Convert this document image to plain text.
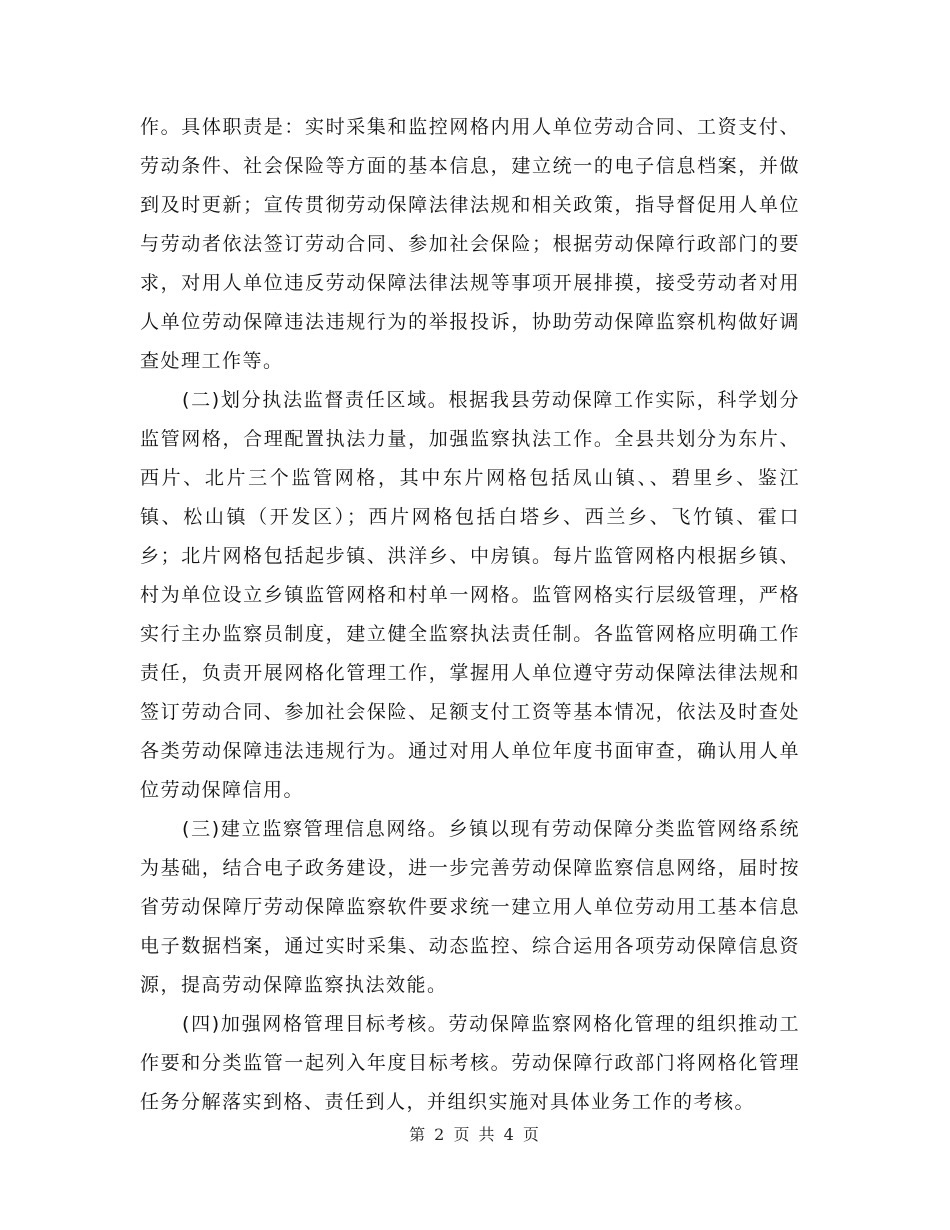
作。具体职责是：实时采集和监控网格内用人单位劳动合同、工资支付、劳动条件、社会保险等方面的基本信息，建立统一的电子信息档案，并做到及时更新；宣传贯彻劳动保障法律法规和相关政策，指导督促用人单位与劳动者依法签订劳动合同、参加社会保险；根据劳动保障行政部门的要求，对用人单位违反劳动保障法律法规等事项开展排摸，接受劳动者对用人单位劳动保障违法违规行为的举报投诉，协助劳动保障监察机构做好调查处理工作等。

(二)划分执法监督责任区域。根据我县劳动保障工作实际，科学划分监管网格，合理配置执法力量，加强监察执法工作。全县共划分为东片、西片、北片三个监管网格，其中东片网格包括凤山镇、、碧里乡、鉴江镇、松山镇（开发区）；西片网格包括白塔乡、西兰乡、飞竹镇、霍口乡；北片网格包括起步镇、洪洋乡、中房镇。每片监管网格内根据乡镇、村为单位设立乡镇监管网格和村单一网格。监管网格实行层级管理，严格实行主办监察员制度，建立健全监察执法责任制。各监管网格应明确工作责任，负责开展网格化管理工作，掌握用人单位遵守劳动保障法律法规和签订劳动合同、参加社会保险、足额支付工资等基本情况，依法及时查处各类劳动保障违法违规行为。通过对用人单位年度书面审查，确认用人单位劳动保障信用。

(三)建立监察管理信息网络。乡镇以现有劳动保障分类监管网络系统为基础，结合电子政务建设，进一步完善劳动保障监察信息网络，届时按省劳动保障厅劳动保障监察软件要求统一建立用人单位劳动用工基本信息电子数据档案，通过实时采集、动态监控、综合运用各项劳动保障信息资源，提高劳动保障监察执法效能。

(四)加强网格管理目标考核。劳动保障监察网格化管理的组织推动工作要和分类监管一起列入年度目标考核。劳动保障行政部门将网格化管理任务分解落实到格、责任到人，并组织实施对具体业务工作的考核。

第 2 页 共 4 页
